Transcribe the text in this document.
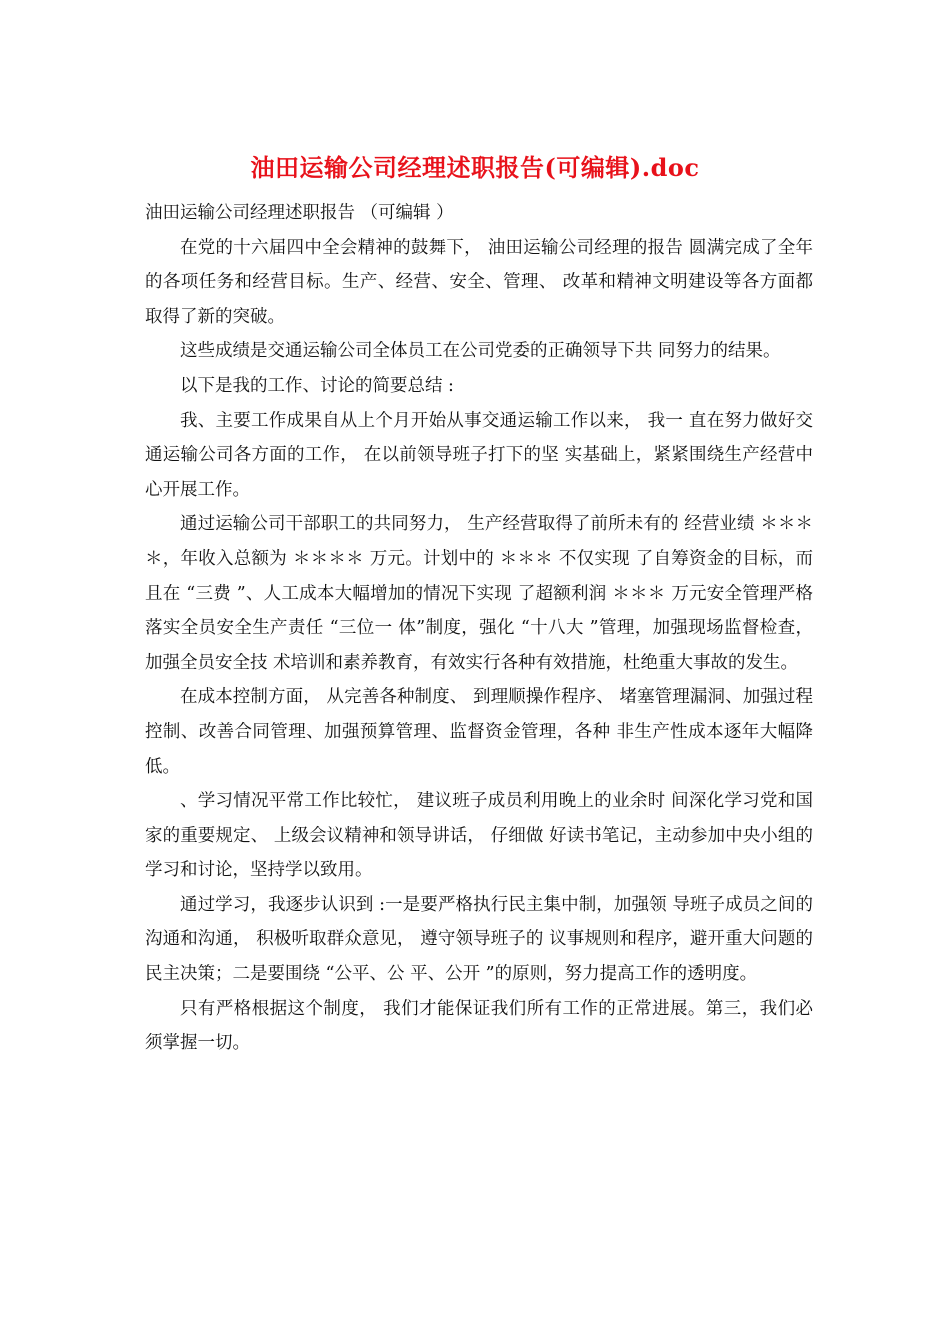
油田运输公司经理述职报告(可编辑).doc

油田运输公司经理述职报告 （可编辑 ）

在党的十六届四中全会精神的鼓舞下， 油田运输公司经理的报告 圆满完成了全年的各项任务和经营目标。生产、经营、安全、管理、 改革和精神文明建设等各方面都取得了新的突破。

这些成绩是交通运输公司全体员工在公司党委的正确领导下共 同努力的结果。

以下是我的工作、讨论的简要总结 :

我、主要工作成果自从上个月开始从事交通运输工作以来， 我一 直在努力做好交通运输公司各方面的工作， 在以前领导班子打下的坚 实基础上，紧紧围绕生产经营中心开展工作。

通过运输公司干部职工的共同努力， 生产经营取得了前所未有的 经营业绩 ＊＊＊＊，年收入总额为 ＊＊＊＊ 万元。计划中的 ＊＊＊ 不仅实现 了自筹资金的目标，而且在 “三费 ”、人工成本大幅增加的情况下实现 了超额利润 ＊＊＊ 万元安全管理严格落实全员安全生产责任 “三位一 体”制度，强化 “十八大 ”管理，加强现场监督检查，加强全员安全技 术培训和素养教育，有效实行各种有效措施，杜绝重大事故的发生。

在成本控制方面， 从完善各种制度、 到理顺操作程序、 堵塞管理漏洞、加强过程控制、改善合同管理、加强预算管理、监督资金管理，各种 非生产性成本逐年大幅降低。

、学习情况平常工作比较忙， 建议班子成员利用晚上的业余时 间深化学习党和国家的重要规定、 上级会议精神和领导讲话， 仔细做 好读书笔记，主动参加中央小组的学习和讨论，坚持学以致用。

通过学习，我逐步认识到 :一是要严格执行民主集中制，加强领 导班子成员之间的沟通和沟通， 积极听取群众意见， 遵守领导班子的 议事规则和程序，避开重大问题的民主决策；二是要围绕 “公平、公 平、公开 ”的原则，努力提高工作的透明度。

只有严格根据这个制度， 我们才能保证我们所有工作的正常进展。第三，我们必须掌握一切。
